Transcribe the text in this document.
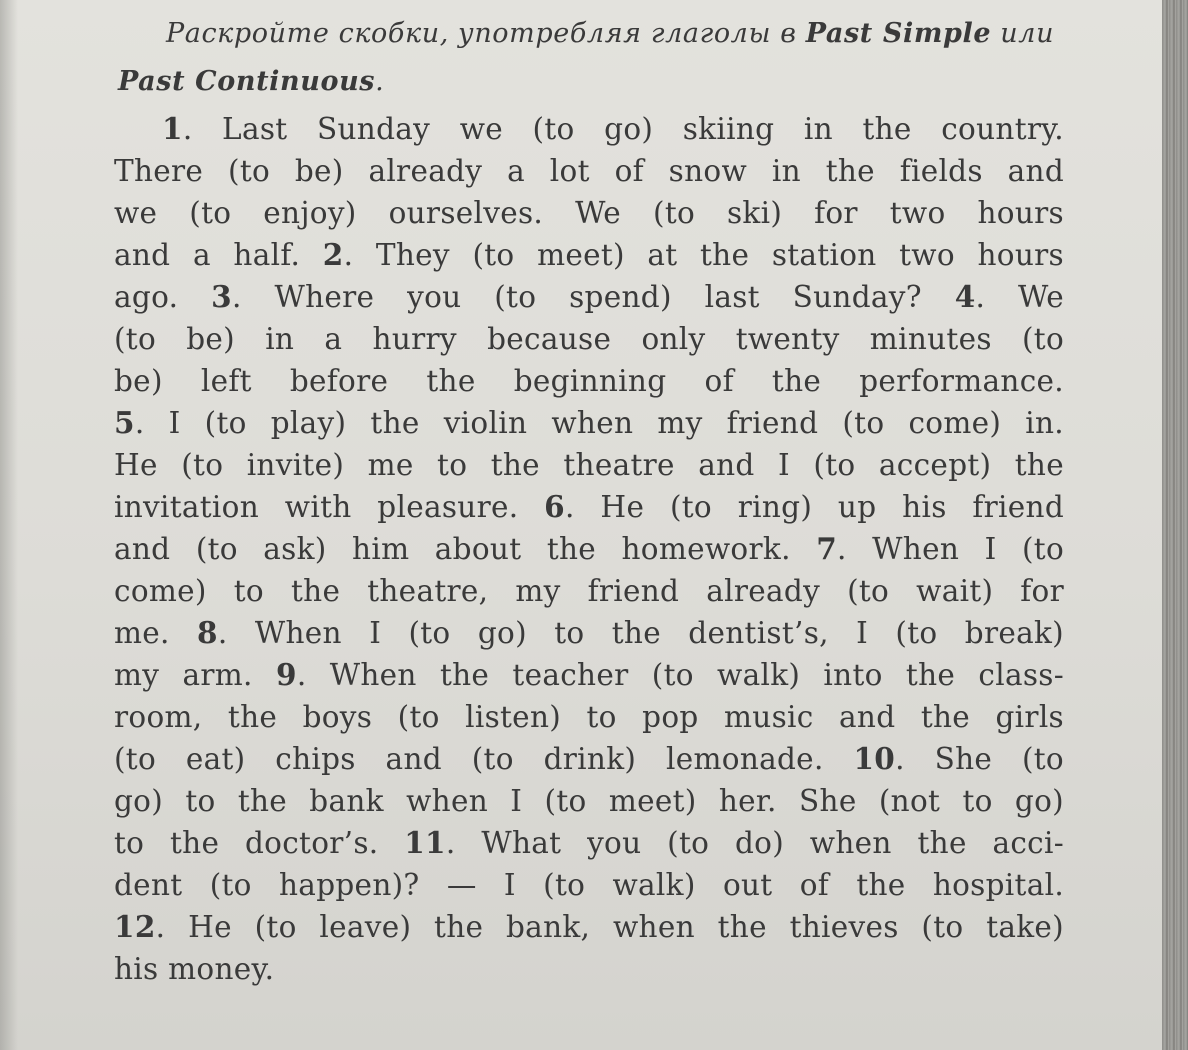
Раскройте скобки, употребляя глаголы в Past Simple или Past Continuous.

1. Last Sunday we (to go) skiing in the country.
There (to be) already a lot of snow in the fields and
we (to enjoy) ourselves. We (to ski) for two hours
and a half. 2. They (to meet) at the station two hours
ago. 3. Where you (to spend) last Sunday? 4. We
(to be) in a hurry because only twenty minutes (to
be) left before the beginning of the performance.
5. I (to play) the violin when my friend (to come) in.
He (to invite) me to the theatre and I (to accept) the
invitation with pleasure. 6. He (to ring) up his friend
and (to ask) him about the homework. 7. When I (to
come) to the theatre, my friend already (to wait) for
me. 8. When I (to go) to the dentist’s, I (to break)
my arm. 9. When the teacher (to walk) into the class-
room, the boys (to listen) to pop music and the girls
(to eat) chips and (to drink) lemonade. 10. She (to
go) to the bank when I (to meet) her. She (not to go)
to the doctor’s. 11. What you (to do) when the acci-
dent (to happen)? — I (to walk) out of the hospital.
12. He (to leave) the bank, when the thieves (to take)
his money.
